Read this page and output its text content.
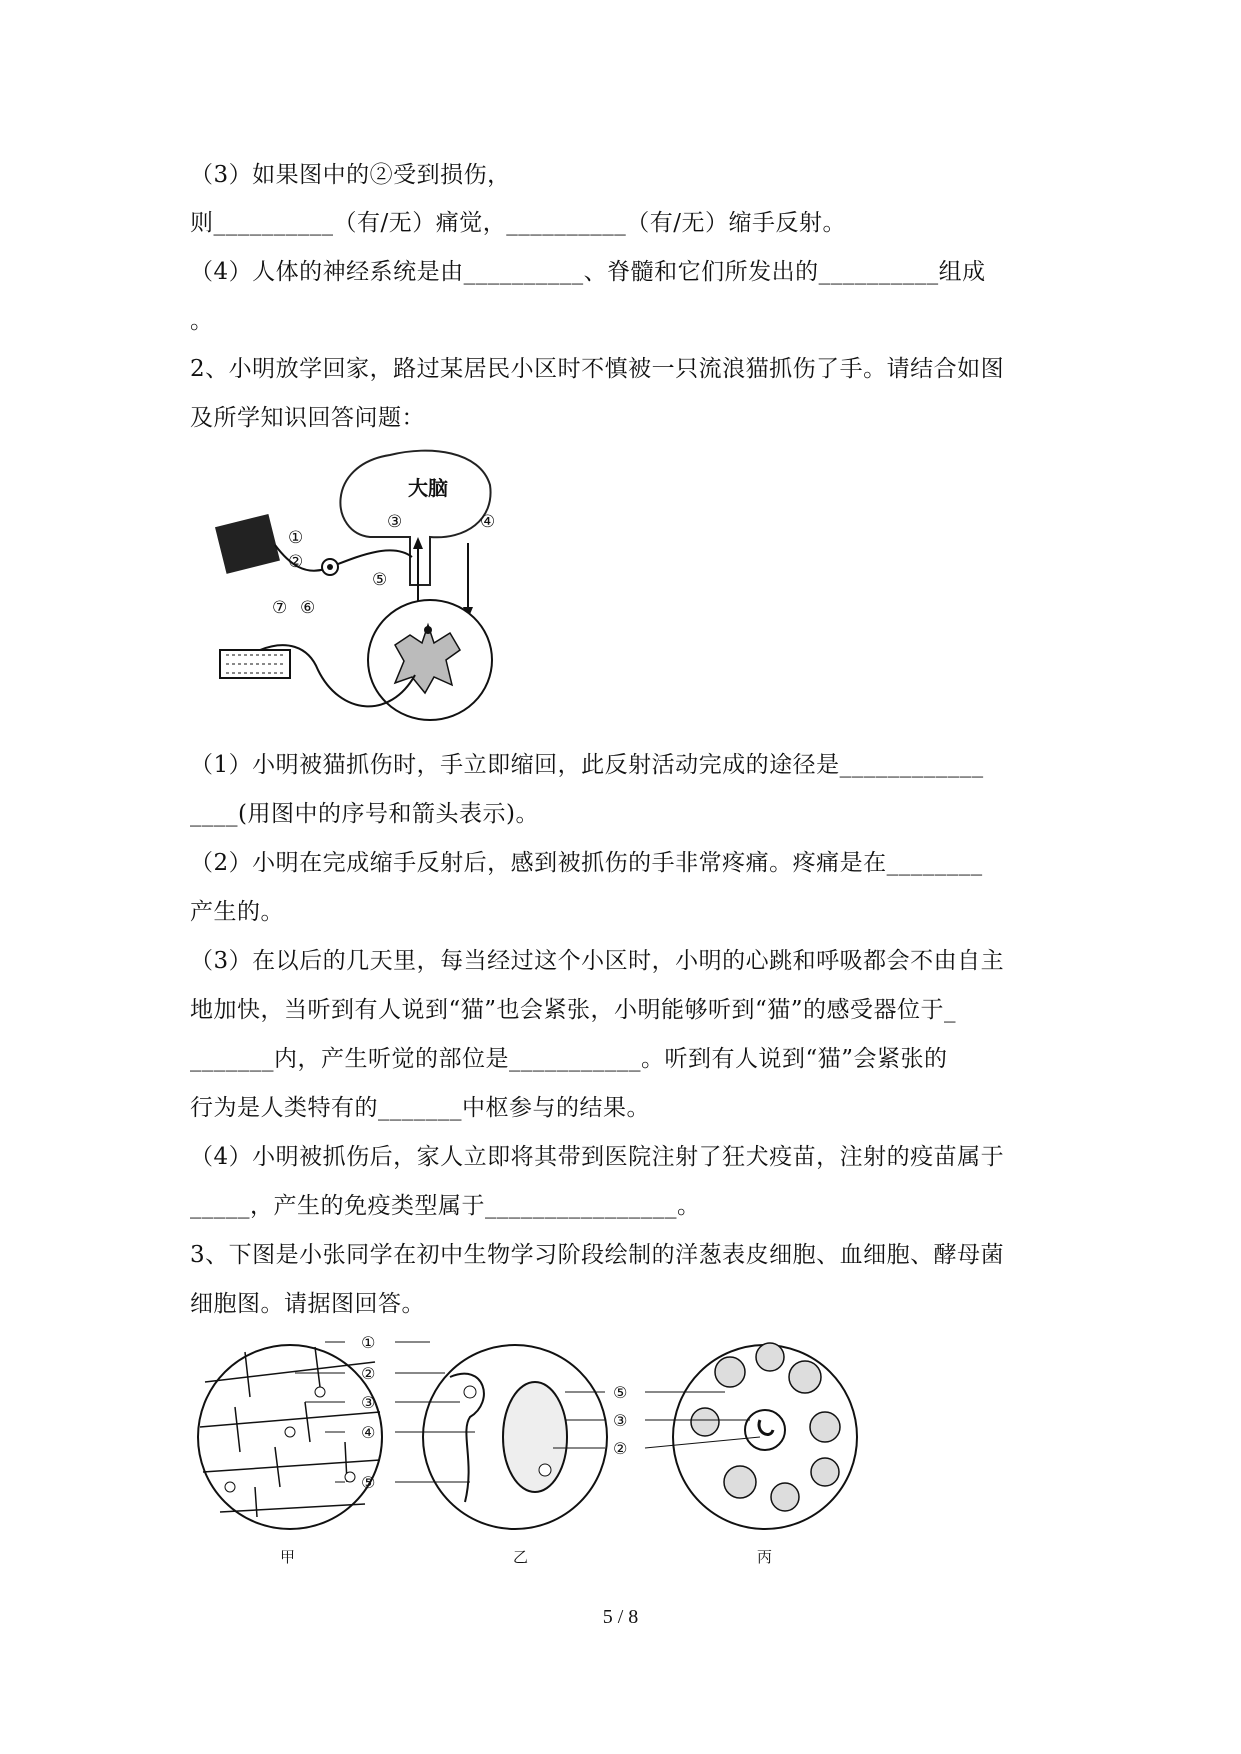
（3）如果图中的②受到损伤，
则__________（有/无）痛觉，__________（有/无）缩手反射。
（4）人体的神经系统是由__________、脊髓和它们所发出的__________组成
。
2、小明放学回家，路过某居民小区时不慎被一只流浪猫抓伤了手。请结合如图
及所学知识回答问题：
大脑
①
②
③	④
⑤
⑥
⑦
（1）小明被猫抓伤时，手立即缩回，此反射活动完成的途径是____________
____(用图中的序号和箭头表示)。
（2）小明在完成缩手反射后，感到被抓伤的手非常疼痛。疼痛是在________
产生的。
（3）在以后的几天里，每当经过这个小区时，小明的心跳和呼吸都会不由自主
地加快，当听到有人说到“猫”也会紧张，小明能够听到“猫”的感受器位于_
_______内，产生听觉的部位是___________。听到有人说到“猫”会紧张的
行为是人类特有的_______中枢参与的结果。
（4）小明被抓伤后，家人立即将其带到医院注射了狂犬疫苗，注射的疫苗属于
_____，产生的免疫类型属于________________。
3、下图是小张同学在初中生物学习阶段绘制的洋葱表皮细胞、血细胞、酵母菌
细胞图。请据图回答。
①
②
③
④
⑤
⑤
③
②
甲	乙	丙
5 / 8
